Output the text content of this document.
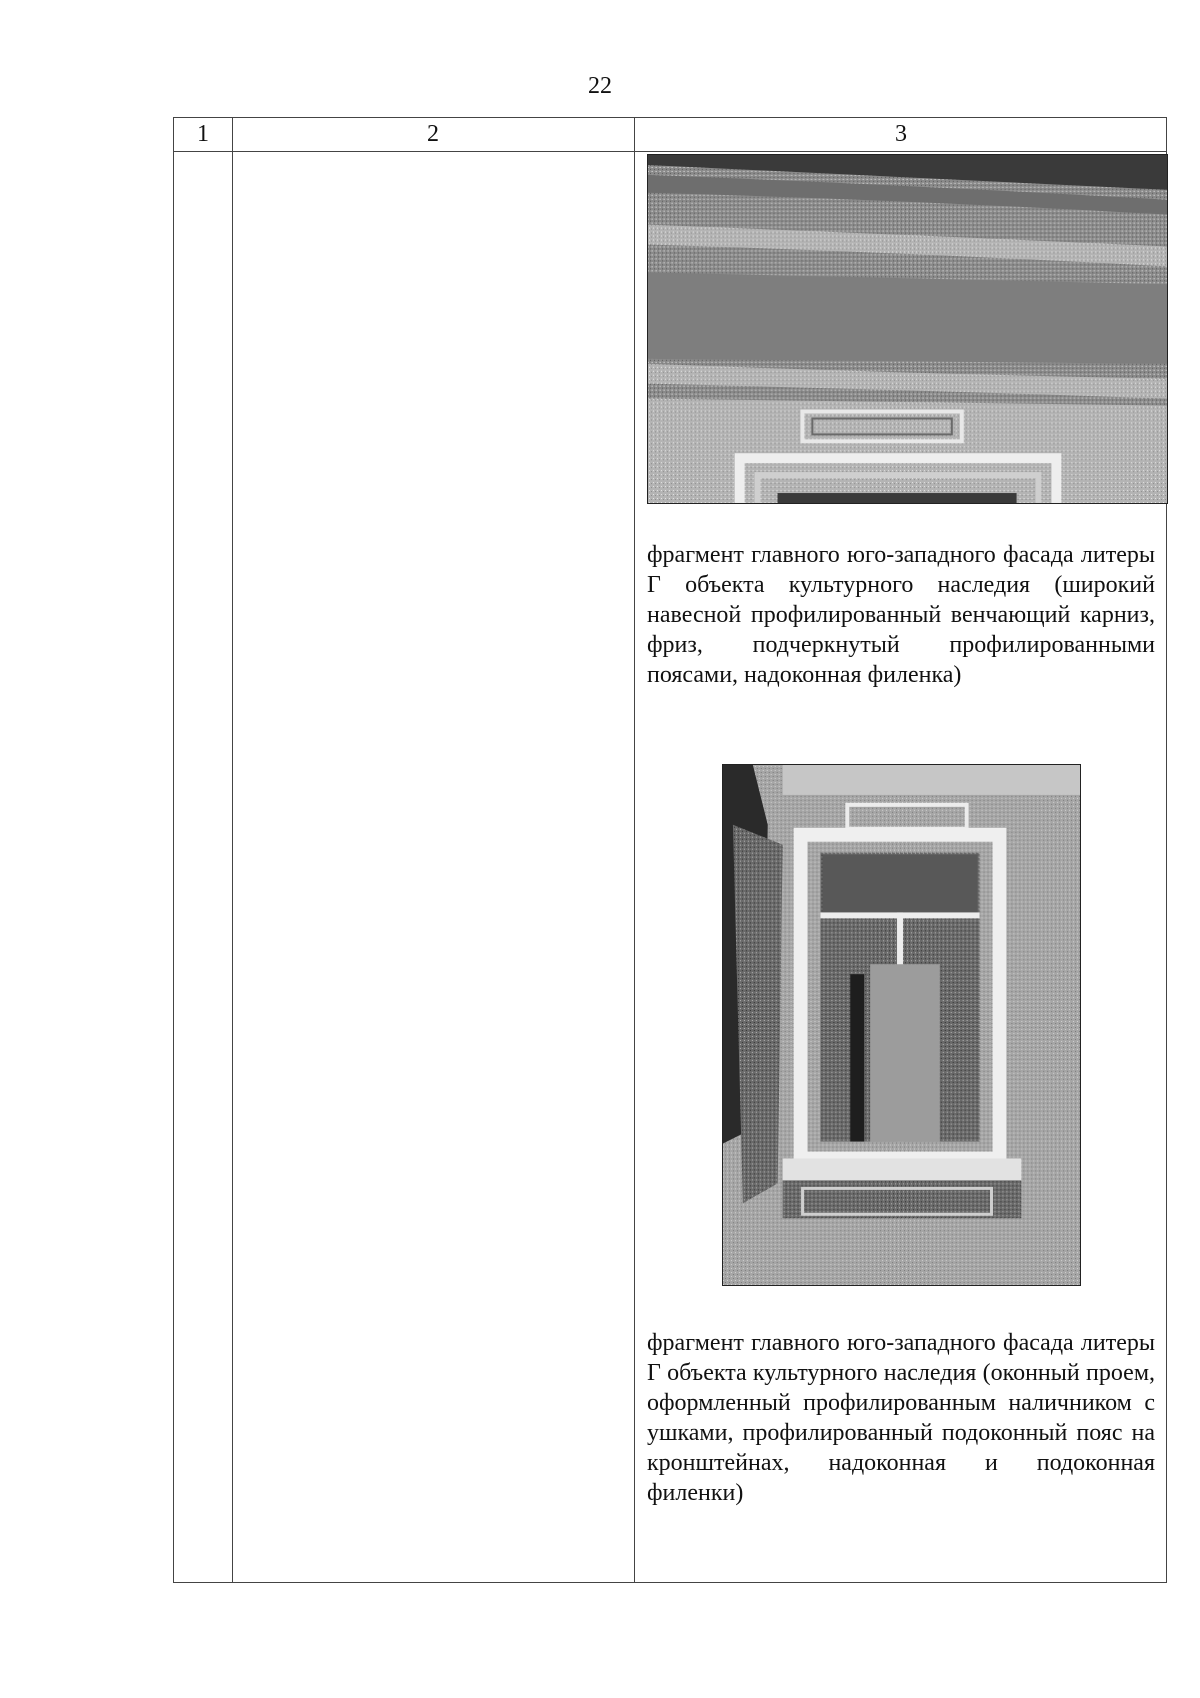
22
1	2	3
фрагмент главного юго-западного фасада литеры Г объекта культурного наследия (широкий навесной профилированный венчающий карниз, фриз, подчеркнутый профилированными поясами, надоконная филенка)
фрагмент главного юго-западного фасада литеры Г объекта культурного наследия (оконный проем, оформленный профилированным наличником с ушками, профилированный подоконный пояс на кронштейнах, надоконная и подоконная филенки)
